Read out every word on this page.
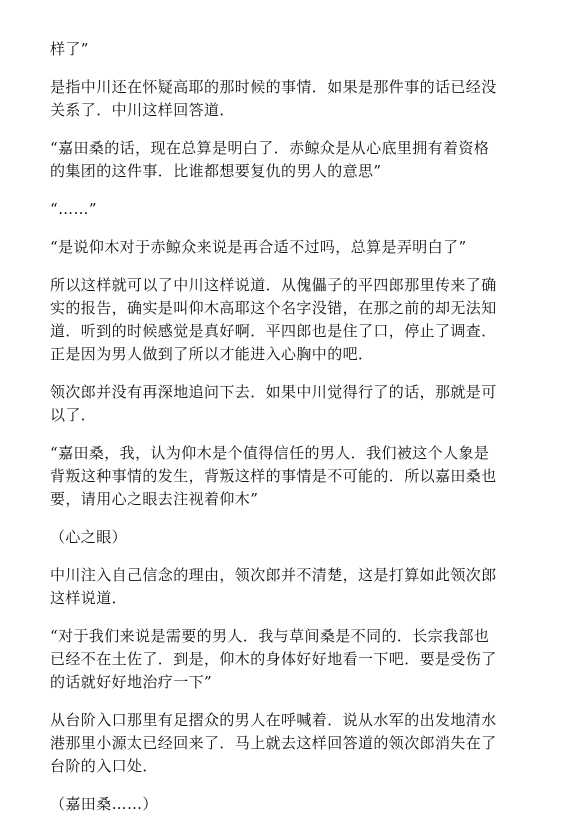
样了”

是指中川还在怀疑高耶的那时候的事情．如果是那件事的话已经没
关系了．中川这样回答道．

“嘉田桑的话，现在总算是明白了．赤鲸众是从心底里拥有着资格
的集团的这件事．比谁都想要复仇的男人的意思”

“……”

“是说仰木对于赤鲸众来说是再合适不过吗，总算是弄明白了”

所以这样就可以了中川这样说道．从傀儡子的平四郎那里传来了确
实的报告，确实是叫仰木高耶这个名字没错，在那之前的却无法知
道．听到的时候感觉是真好啊．平四郎也是住了口，停止了调查．
正是因为男人做到了所以才能进入心胸中的吧．

领次郎并没有再深地追问下去．如果中川觉得行了的话，那就是可
以了．

“嘉田桑，我，认为仰木是个值得信任的男人．我们被这个人象是
背叛这种事情的发生，背叛这样的事情是不可能的．所以嘉田桑也
要，请用心之眼去注视着仰木”

（心之眼）

中川注入自己信念的理由，领次郎并不清楚，这是打算如此领次郎
这样说道．

“对于我们来说是需要的男人．我与草间桑是不同的．长宗我部也
已经不在土佐了．到是，仰木的身体好好地看一下吧．要是受伤了
的话就好好地治疗一下”

从台阶入口那里有足摺众的男人在呼喊着．说从水军的出发地清水
港那里小源太已经回来了．马上就去这样回答道的领次郎消失在了
台阶的入口处．

（嘉田桑……）
